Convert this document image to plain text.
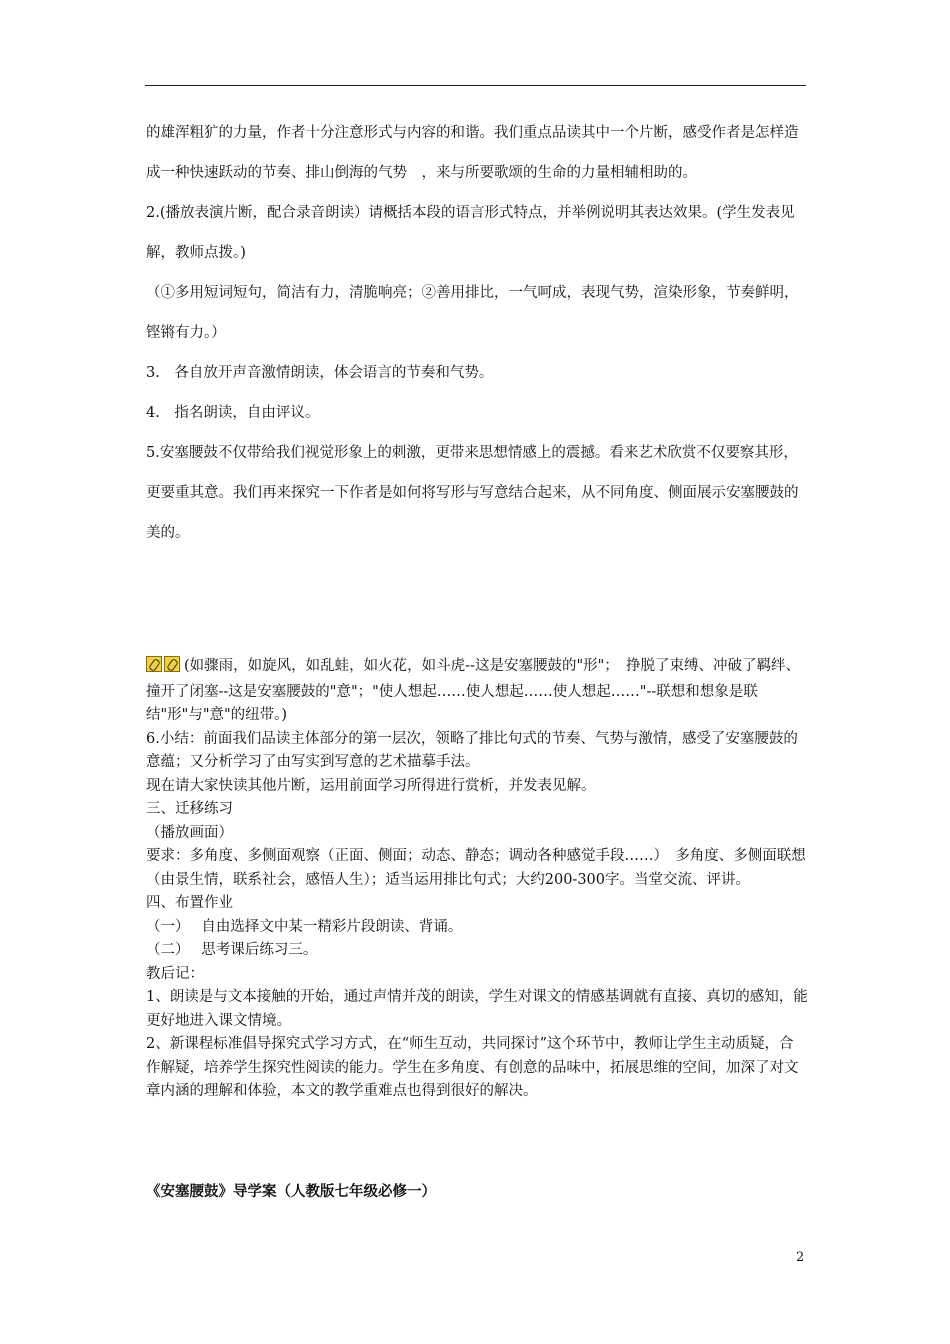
的雄浑粗犷的力量，作者十分注意形式与内容的和谐。我们重点品读其中一个片断，感受作者是怎样造成一种快速跃动的节奏、排山倒海的气势　，来与所要歌颂的生命的力量相辅相助的。

2.(播放表演片断，配合录音朗读）请概括本段的语言形式特点，并举例说明其表达效果。(学生发表见解，教师点拨。)

（①多用短词短句，简洁有力，清脆响亮；②善用排比，一气呵成，表现气势，渲染形象，节奏鲜明，铿锵有力。）

3.　各自放开声音激情朗读，体会语言的节奏和气势。

4.　指名朗读，自由评议。

5.安塞腰鼓不仅带给我们视觉形象上的刺激，更带来思想情感上的震撼。看来艺术欣赏不仅要察其形，更要重其意。我们再来探究一下作者是如何将写形与写意结合起来，从不同角度、侧面展示安塞腰鼓的美的。

(如骤雨，如旋风，如乱蛙，如火花，如斗虎--这是安塞腰鼓的"形"；　挣脱了束缚、冲破了羁绊、撞开了闭塞--这是安塞腰鼓的"意"；"使人想起……使人想起……使人想起……"--联想和想象是联结"形"与"意"的纽带。)

6.小结：前面我们品读主体部分的第一层次，领略了排比句式的节奏、气势与激情，感受了安塞腰鼓的意蕴；又分析学习了由写实到写意的艺术描摹手法。

现在请大家快读其他片断，运用前面学习所得进行赏析，并发表见解。

三、迁移练习

（播放画面）

要求：多角度、多侧面观察（正面、侧面；动态、静态；调动各种感觉手段……）　多角度、多侧面联想（由景生情，联系社会，感悟人生）；适当运用排比句式；大约200-300字。当堂交流、评讲。

四、布置作业

（一）　 自由选择文中某一精彩片段朗读、背诵。

（二）　 思考课后练习三。

教后记：

1、朗读是与文本接触的开始，通过声情并茂的朗读，学生对课文的情感基调就有直接、真切的感知，能更好地进入课文情境。

2、新课程标准倡导探究式学习方式，在“师生互动，共同探讨”这个环节中，教师让学生主动质疑，合作解疑，培养学生探究性阅读的能力。学生在多角度、有创意的品味中，拓展思维的空间，加深了对文章内涵的理解和体验，本文的教学重难点也得到很好的解决。

《安塞腰鼓》导学案（人教版七年级必修一）
2
